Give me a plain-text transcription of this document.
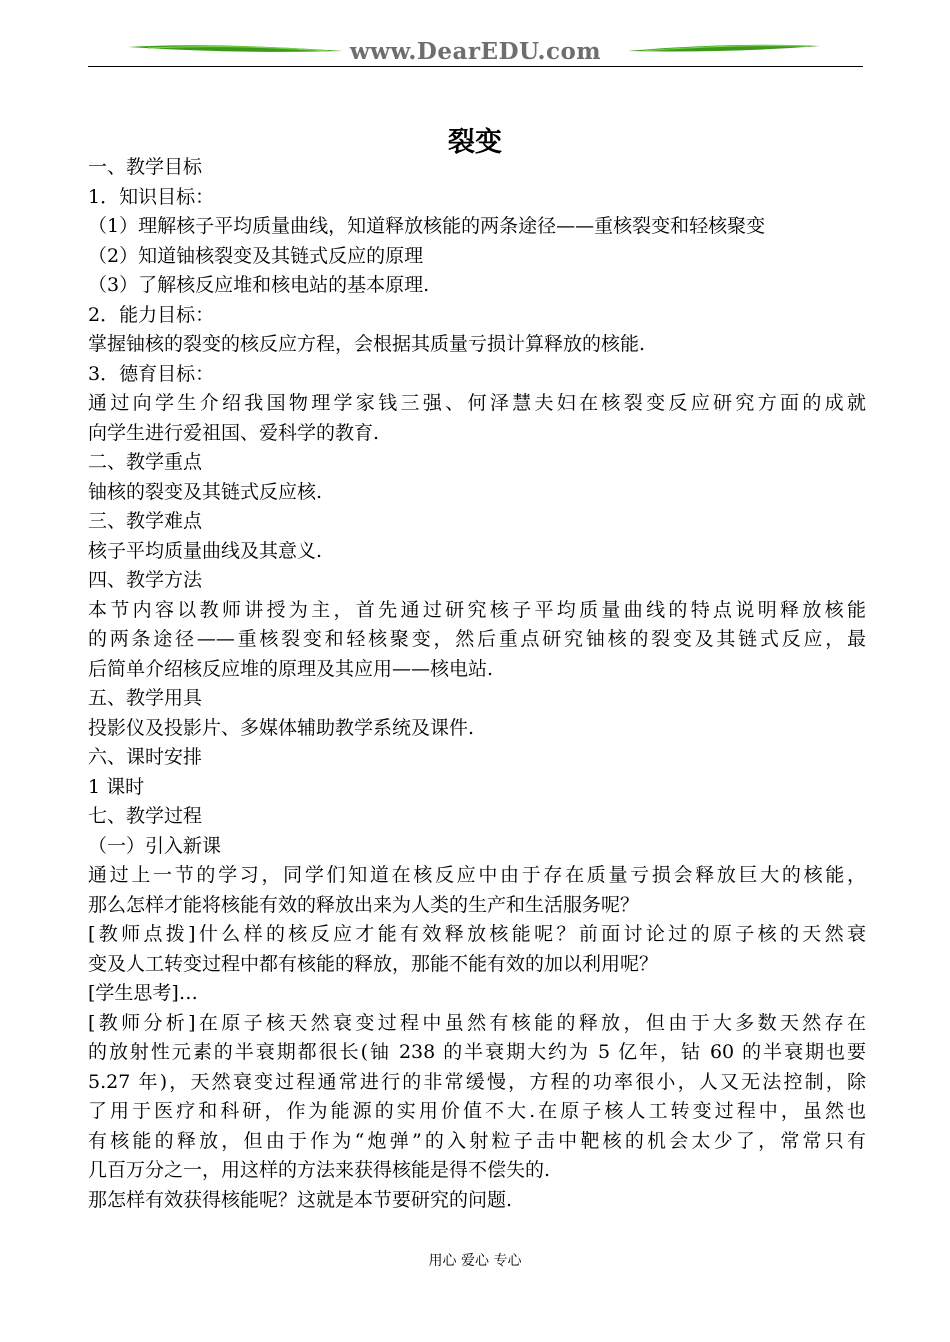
www.DearEDU.com
裂变
一、教学目标
1．知识目标：
（1）理解核子平均质量曲线，知道释放核能的两条途径——重核裂变和轻核聚变
（2）知道铀核裂变及其链式反应的原理
（3）了解核反应堆和核电站的基本原理.
2．能力目标：
掌握铀核的裂变的核反应方程，会根据其质量亏损计算释放的核能.
3．德育目标：
通过向学生介绍我国物理学家钱三强、何泽慧夫妇在核裂变反应研究方面的成就
向学生进行爱祖国、爱科学的教育.
二、教学重点
铀核的裂变及其链式反应核.
三、教学难点
核子平均质量曲线及其意义.
四、教学方法
本节内容以教师讲授为主，首先通过研究核子平均质量曲线的特点说明释放核能
的两条途径——重核裂变和轻核聚变，然后重点研究铀核的裂变及其链式反应，最
后简单介绍核反应堆的原理及其应用——核电站.
五、教学用具
投影仪及投影片、多媒体辅助教学系统及课件.
六、课时安排
1 课时
七、教学过程
（一）引入新课
通过上一节的学习，同学们知道在核反应中由于存在质量亏损会释放巨大的核能，
那么怎样才能将核能有效的释放出来为人类的生产和生活服务呢？
[教师点拨]什么样的核反应才能有效释放核能呢？前面讨论过的原子核的天然衰
变及人工转变过程中都有核能的释放，那能不能有效的加以利用呢？
[学生思考]…
[教师分析]在原子核天然衰变过程中虽然有核能的释放，但由于大多数天然存在
的放射性元素的半衰期都很长(铀 238 的半衰期大约为 5 亿年，钴 60 的半衰期也要
5.27 年)，天然衰变过程通常进行的非常缓慢，方程的功率很小，人又无法控制，除
了用于医疗和科研，作为能源的实用价值不大.在原子核人工转变过程中，虽然也
有核能的释放，但由于作为“炮弹”的入射粒子击中靶核的机会太少了，常常只有
几百万分之一，用这样的方法来获得核能是得不偿失的.
那怎样有效获得核能呢？这就是本节要研究的问题.
用心 爱心 专心
